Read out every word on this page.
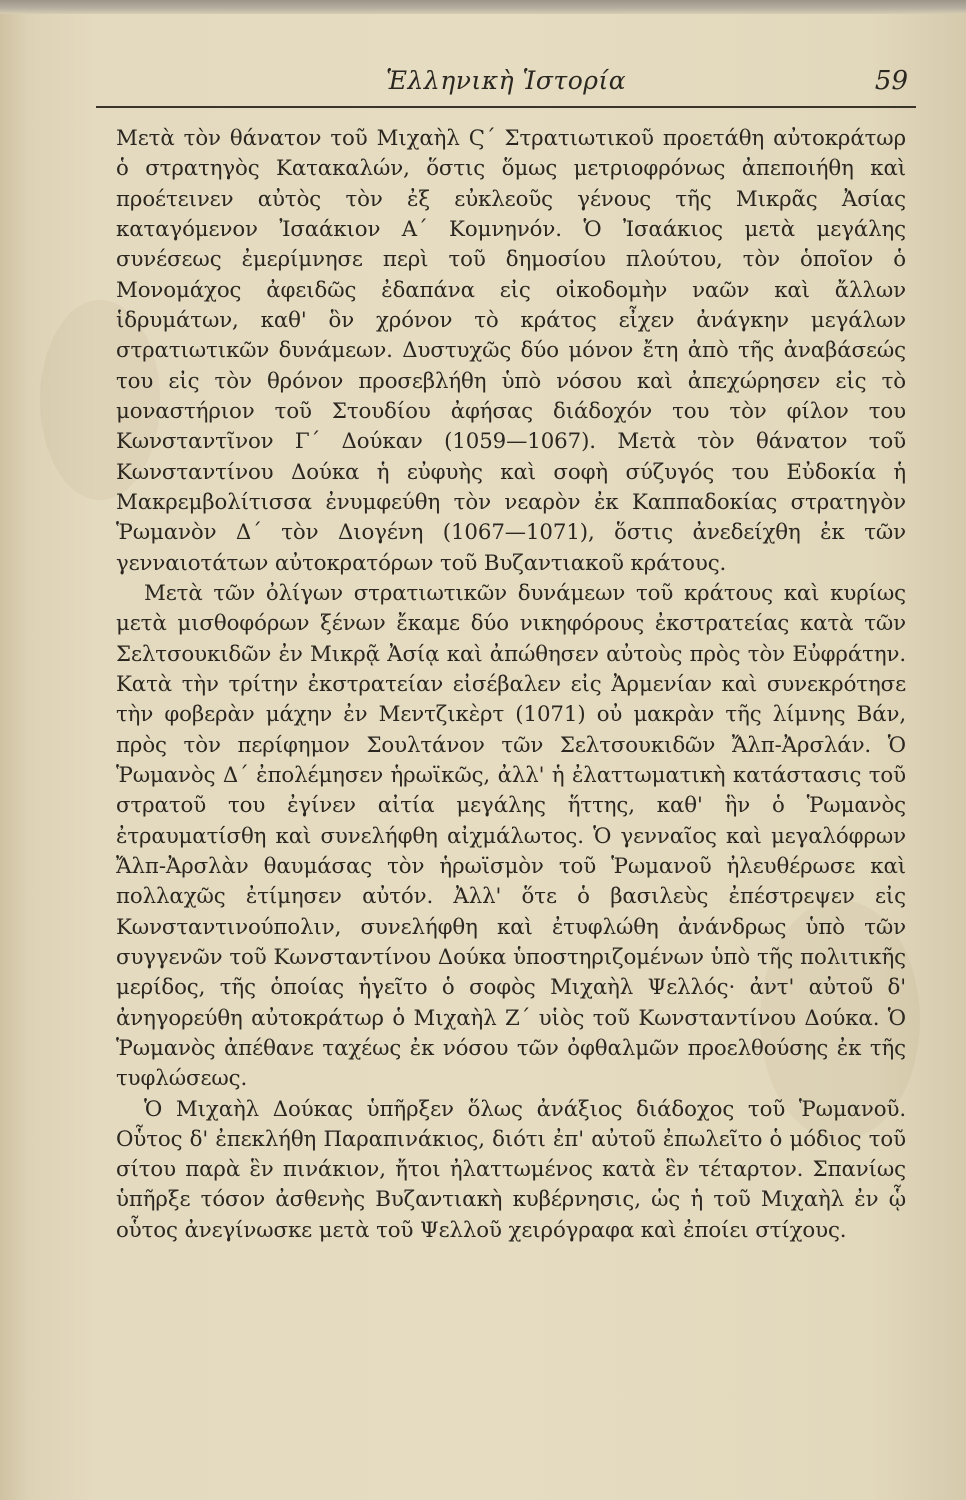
Ἑλληνικὴ Ἱστορία	59

Μετὰ τὸν θάνατον τοῦ Μιχαὴλ Ϛ΄ Στρατιωτικοῦ προετάθη αὐτοκράτωρ ὁ στρατηγὸς Κατακαλών, ὅστις ὅμως μετριοφρόνως ἀπεποιήθη καὶ προέτεινεν αὐτὸς τὸν ἐξ εὐκλεοῦς γένους τῆς Μικρᾶς Ἀσίας καταγόμενον Ἰσαάκιον Α΄ Κομνηνόν. Ὁ Ἰσαάκιος μετὰ μεγάλης συνέσεως ἐμερίμνησε περὶ τοῦ δημοσίου πλούτου, τὸν ὁποῖον ὁ Μονομάχος ἀφειδῶς ἐδαπάνα εἰς οἰκοδομὴν ναῶν καὶ ἄλλων ἱδρυμάτων, καθ' ὃν χρόνον τὸ κράτος εἶχεν ἀνάγκην μεγάλων στρατιωτικῶν δυνάμεων. Δυστυχῶς δύο μόνον ἔτη ἀπὸ τῆς ἀναβάσεώς του εἰς τὸν θρόνον προσεβλήθη ὑπὸ νόσου καὶ ἀπεχώρησεν εἰς τὸ μοναστήριον τοῦ Στουδίου ἀφήσας διάδοχόν του τὸν φίλον του Κωνσταντῖνον Γ΄ Δούκαν (1059—1067). Μετὰ τὸν θάνατον τοῦ Κωνσταντίνου Δούκα ἡ εὐφυὴς καὶ σοφὴ σύζυγός του Εὐδοκία ἡ Μακρεμβολίτισσα ἐνυμφεύθη τὸν νεαρὸν ἐκ Καππαδοκίας στρατηγὸν Ῥωμανὸν Δ΄ τὸν Διογένη (1067—1071), ὅστις ἀνεδείχθη ἐκ τῶν γενναιοτάτων αὐτοκρατόρων τοῦ Βυζαντιακοῦ κράτους.

Μετὰ τῶν ὀλίγων στρατιωτικῶν δυνάμεων τοῦ κράτους καὶ κυρίως μετὰ μισθοφόρων ξένων ἔκαμε δύο νικηφόρους ἐκστρατείας κατὰ τῶν Σελτσουκιδῶν ἐν Μικρᾷ Ἀσίᾳ καὶ ἀπώθησεν αὐτοὺς πρὸς τὸν Εὐφράτην. Κατὰ τὴν τρίτην ἐκστρατείαν εἰσέβαλεν εἰς Ἀρμενίαν καὶ συνεκρότησε τὴν φοβερὰν μάχην ἐν Μεντζικὲρτ (1071) οὐ μακρὰν τῆς λίμνης Βάν, πρὸς τὸν περίφημον Σουλτάνον τῶν Σελτσουκιδῶν Ἄλπ-Ἀρσλάν. Ὁ Ῥωμανὸς Δ΄ ἐπολέμησεν ἡρωϊκῶς, ἀλλ' ἡ ἐλαττωματικὴ κατάστασις τοῦ στρατοῦ του ἐγίνεν αἰτία μεγάλης ἥττης, καθ' ἣν ὁ Ῥωμανὸς ἐτραυματίσθη καὶ συνελήφθη αἰχμάλωτος. Ὁ γενναῖος καὶ μεγαλόφρων Ἄλπ-Ἀρσλὰν θαυμάσας τὸν ἡρωϊσμὸν τοῦ Ῥωμανοῦ ἠλευθέρωσε καὶ πολλαχῶς ἐτίμησεν αὐτόν. Ἀλλ' ὅτε ὁ βασιλεὺς ἐπέστρεψεν εἰς Κωνσταντινούπολιν, συνελήφθη καὶ ἐτυφλώθη ἀνάνδρως ὑπὸ τῶν συγγενῶν τοῦ Κωνσταντίνου Δούκα ὑποστηριζομένων ὑπὸ τῆς πολιτικῆς μερίδος, τῆς ὁποίας ἡγεῖτο ὁ σοφὸς Μιχαὴλ Ψελλός· ἀντ' αὐτοῦ δ' ἀνηγορεύθη αὐτοκράτωρ ὁ Μιχαὴλ Ζ΄ υἱὸς τοῦ Κωνσταντίνου Δούκα. Ὁ Ῥωμανὸς ἀπέθανε ταχέως ἐκ νόσου τῶν ὀφθαλμῶν προελθούσης ἐκ τῆς τυφλώσεως.

Ὁ Μιχαὴλ Δούκας ὑπῆρξεν ὅλως ἀνάξιος διάδοχος τοῦ Ῥωμανοῦ. Οὗτος δ' ἐπεκλήθη Παραπινάκιος, διότι ἐπ' αὐτοῦ ἐπωλεῖτο ὁ μόδιος τοῦ σίτου παρὰ ἓν πινάκιον, ἤτοι ἠλαττωμένος κατὰ ἓν τέταρτον. Σπανίως ὑπῆρξε τόσον ἀσθενὴς Βυζαντιακὴ κυβέρνησις, ὡς ἡ τοῦ Μιχαὴλ ἐν ᾧ οὗτος ἀνεγίνωσκε μετὰ τοῦ Ψελλοῦ χειρόγραφα καὶ ἐποίει στίχους.
